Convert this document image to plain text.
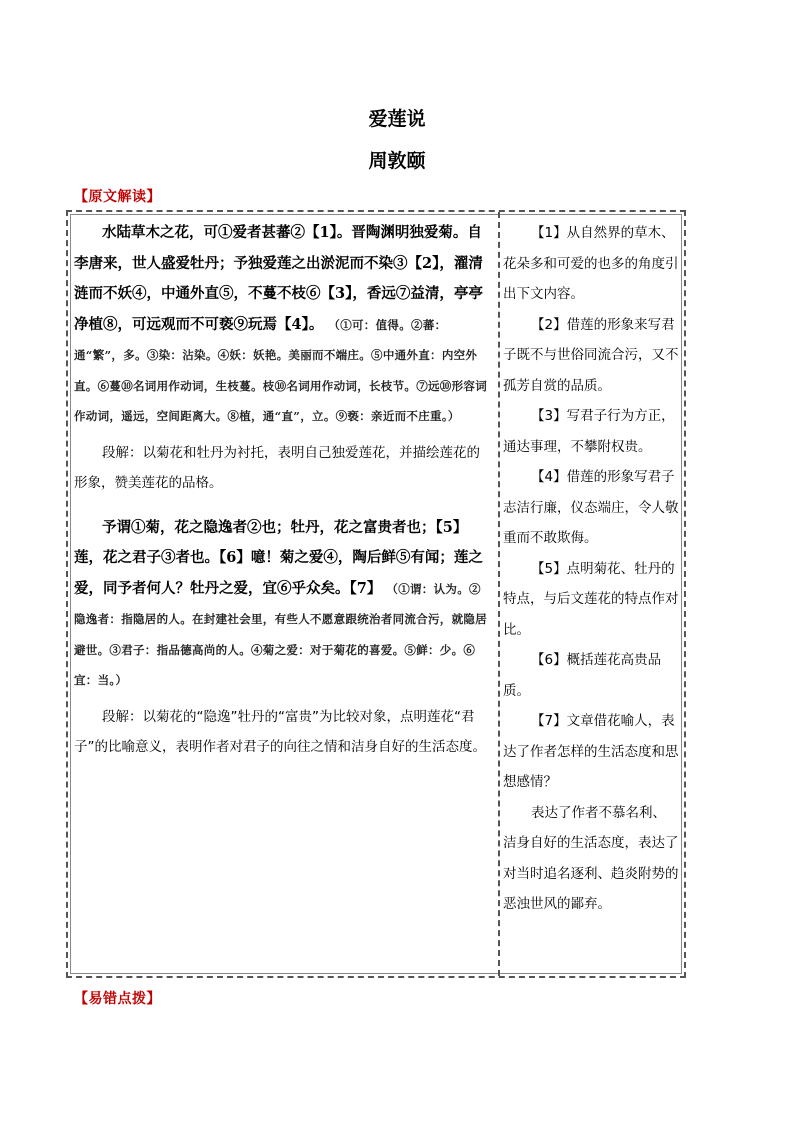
爱莲说
周敦颐
【原文解读】

水陆草木之花，可①爱者甚蕃②【1】。晋陶渊明独爱菊。自李唐来，世人盛爱牡丹；予独爱莲之出淤泥而不染③【2】，濯清涟而不妖④，中通外直⑤，不蔓不枝⑥【3】，香远⑦益清，亭亭净植⑧，可远观而不可亵⑨玩焉【4】。 （①可：值得。②蕃：通“繁”，多。③染：沾染。④妖：妖艳。美丽而不端庄。⑤中通外直：内空外直。⑥蔓⑩名词用作动词，生枝蔓。枝⑩名词用作动词，长枝节。⑦远⑩形容词作动词，遥远，空间距离大。⑧植，通“直”，立。⑨亵：亲近而不庄重。）

段解：以菊花和牡丹为衬托，表明自己独爱莲花，并描绘莲花的形象，赞美莲花的品格。

予谓①菊，花之隐逸者②也；牡丹，花之富贵者也；【5】莲，花之君子③者也。【6】噫！菊之爱④，陶后鲜⑤有闻；莲之爱，同予者何人？牡丹之爱，宜⑥乎众矣。【7】 （①谓：认为。②隐逸者：指隐居的人。在封建社会里，有些人不愿意跟统治者同流合污，就隐居避世。③君子：指品德高尚的人。④菊之爱：对于菊花的喜爱。⑤鲜：少。⑥宜：当。）

段解：以菊花的“隐逸”牡丹的“富贵”为比较对象，点明莲花“君子”的比喻意义，表明作者对君子的向往之情和洁身自好的生活态度。

【1】从自然界的草木、花朵多和可爱的也多的角度引出下文内容。

【2】借莲的形象来写君子既不与世俗同流合污，又不孤芳自赏的品质。

【3】写君子行为方正，通达事理，不攀附权贵。

【4】借莲的形象写君子志洁行廉，仪态端庄，令人敬重而不敢欺侮。

【5】点明菊花、牡丹的特点，与后文莲花的特点作对比。

【6】概括莲花高贵品质。

【7】文章借花喻人，表达了作者怎样的生活态度和思想感情？

表达了作者不慕名利、洁身自好的生活态度，表达了对当时追名逐利、趋炎附势的恶浊世风的鄙弃。

【易错点拨】
